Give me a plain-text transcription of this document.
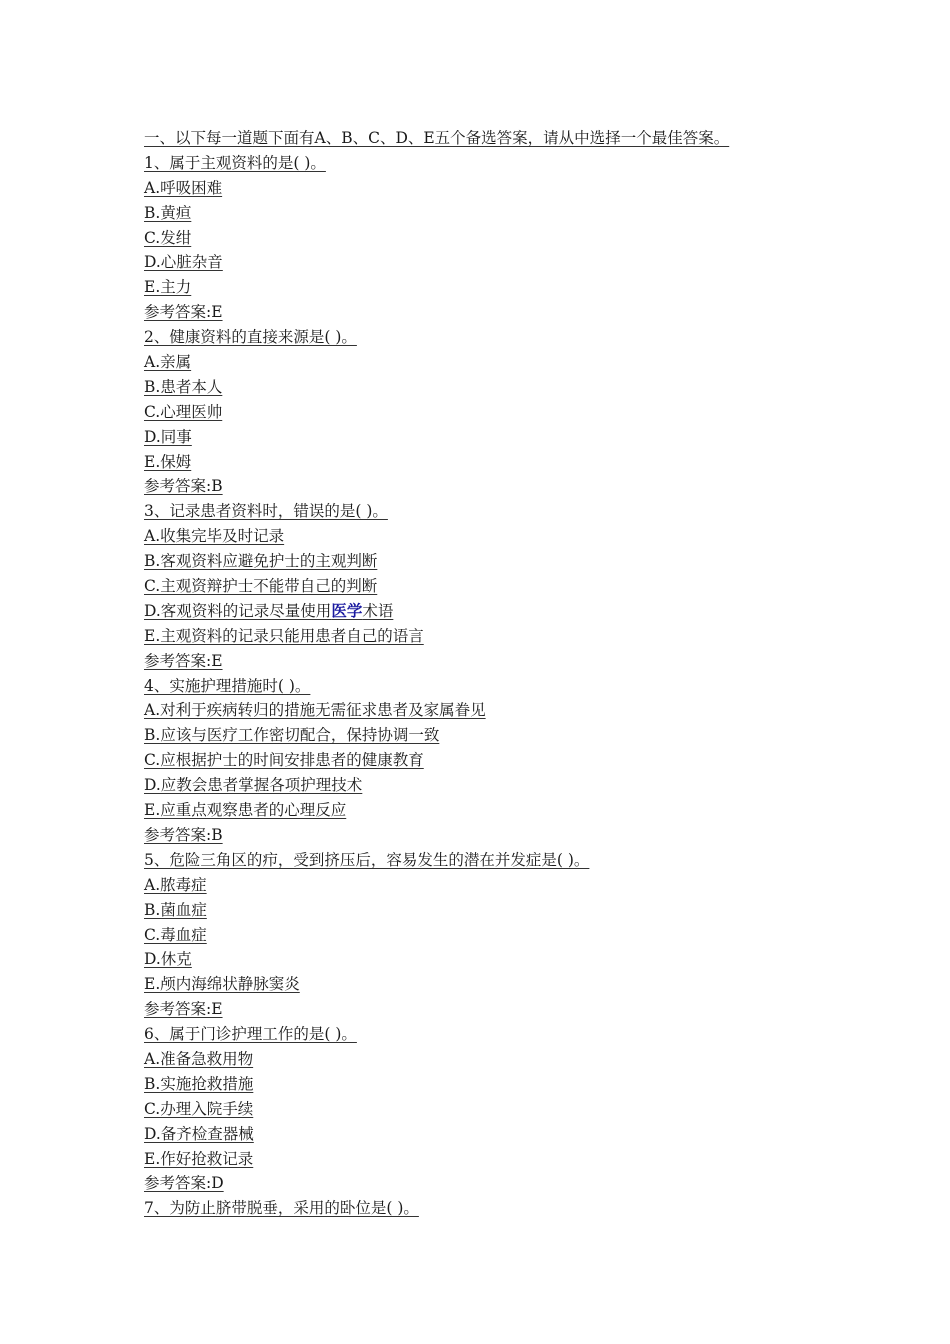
一、以下每一道题下面有A、B、C、D、E五个备选答案，请从中选择一个最佳答案。
1、属于主观资料的是( )。
A.呼吸困难
B.黄疸
C.发绀
D.心脏杂音
E.主力
参考答案:E
2、健康资料的直接来源是( )。
A.亲属
B.患者本人
C.心理医帅
D.同事
E.保姆
参考答案:B
3、记录患者资料时，错误的是( )。
A.收集完毕及时记录
B.客观资料应避免护士的主观判断
C.主观资辩护士不能带自己的判断
D.客观资料的记录尽量使用医学术语
E.主观资料的记录只能用患者自己的语言
参考答案:E
4、实施护理措施时( )。
A.对利于疾病转归的措施无需征求患者及家属眷见
B.应该与医疗工作密切配合，保持协调一致
C.应根据护士的时间安排患者的健康教育
D.应教会患者掌握各项护理技术
E.应重点观察患者的心理反应
参考答案:B
5、危险三角区的疖，受到挤压后，容易发生的潜在并发症是( )。
A.脓毒症
B.菌血症
C.毒血症
D.休克
E.颅内海绵状静脉窦炎
参考答案:E
6、属于门诊护理工作的是( )。
A.准备急救用物
B.实施抢救措施
C.办理入院手续
D.备齐检查器械
E.作好抢救记录
参考答案:D
7、为防止脐带脱垂，采用的卧位是( )。
